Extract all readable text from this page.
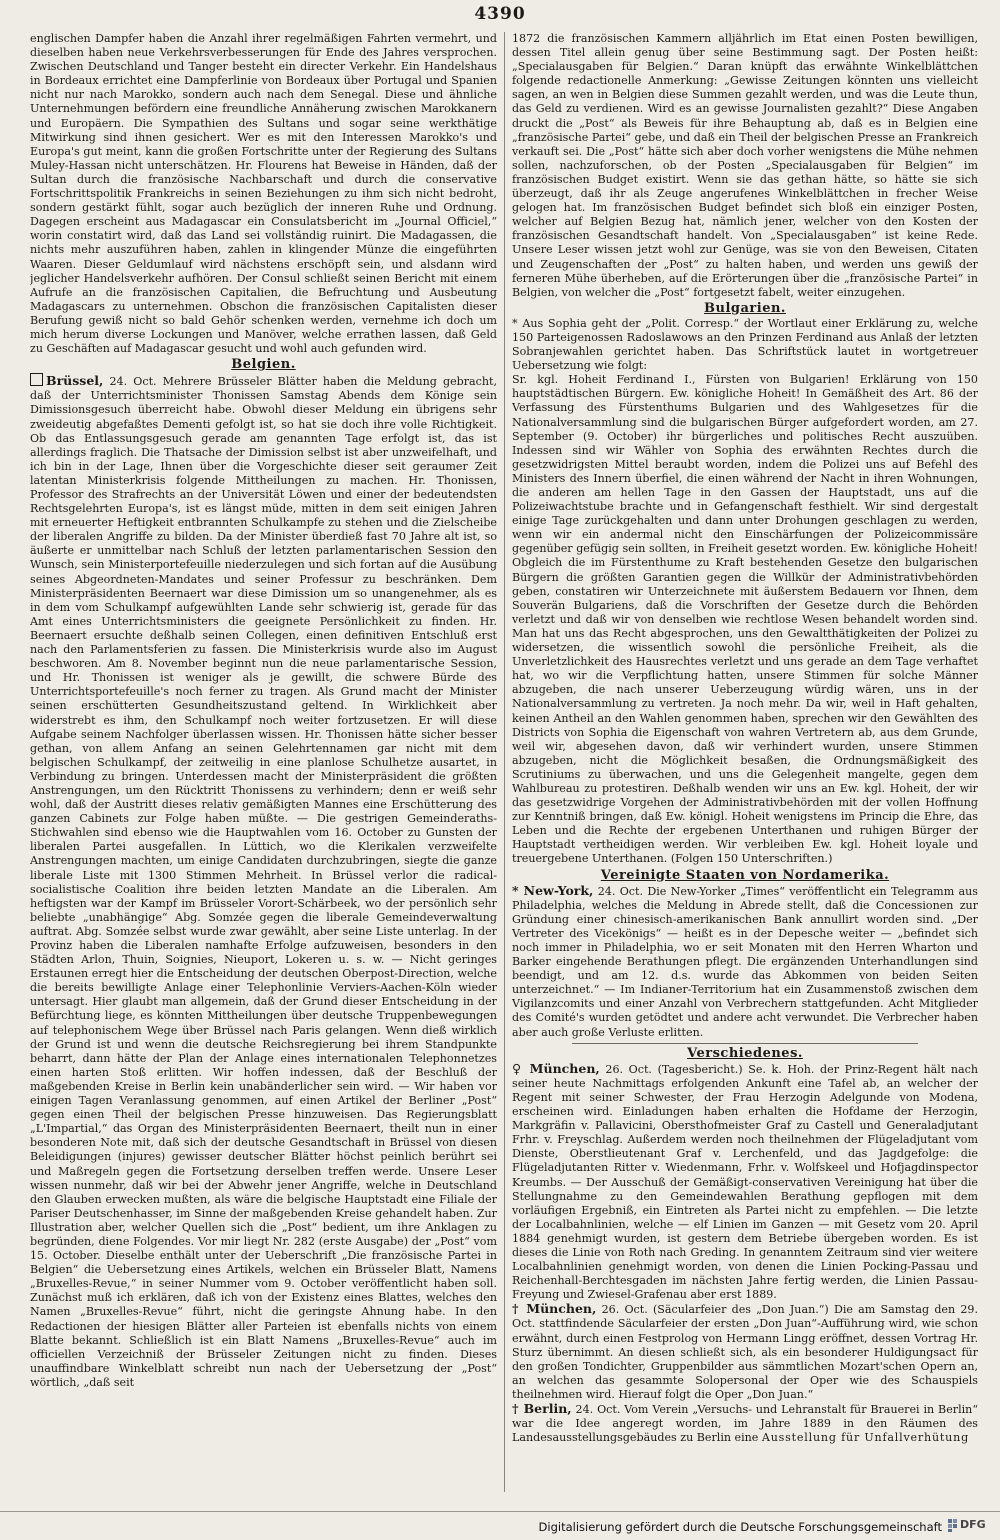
4390

englischen Dampfer haben die Anzahl ihrer regelmäßigen Fahrten vermehrt, und dieselben haben neue Verkehrsverbesserungen für Ende des Jahres versprochen. Zwischen Deutschland und Tanger besteht ein directer Verkehr. Ein Handelshaus in Bordeaux errichtet eine Dampferlinie von Bordeaux über Portugal und Spanien nicht nur nach Marokko, sondern auch nach dem Senegal. Diese und ähnliche Unternehmungen befördern eine freundliche Annäherung zwischen Marokkanern und Europäern. Die Sympathien des Sultans und sogar seine werkthätige Mitwirkung sind ihnen gesichert. Wer es mit den Interessen Marokko's und Europa's gut meint, kann die großen Fortschritte unter der Regierung des Sultans Muley-Hassan nicht unterschätzen. Hr. Flourens hat Beweise in Händen, daß der Sultan durch die französische Nachbarschaft und durch die conservative Fortschrittspolitik Frankreichs in seinen Beziehungen zu ihm sich nicht bedroht, sondern gestärkt fühlt, sogar auch bezüglich der inneren Ruhe und Ordnung. Dagegen erscheint aus Madagascar ein Consulatsbericht im „Journal Officiel,“ worin constatirt wird, daß das Land sei vollständig ruinirt. Die Madagassen, die nichts mehr auszuführen haben, zahlen in klingender Münze die eingeführten Waaren. Dieser Geldumlauf wird nächstens erschöpft sein, und alsdann wird jeglicher Handelsverkehr aufhören. Der Consul schließt seinen Bericht mit einem Aufrufe an die französischen Capitalien, die Befruchtung und Ausbeutung Madagascars zu unternehmen. Obschon die französischen Capitalisten dieser Berufung gewiß nicht so bald Gehör schenken werden, vernehme ich doch um mich herum diverse Lockungen und Manöver, welche errathen lassen, daß Geld zu Geschäften auf Madagascar gesucht und wohl auch gefunden wird.

Belgien.

Brüssel, 24. Oct. Mehrere Brüsseler Blätter haben die Meldung gebracht, daß der Unterrichtsminister Thonissen Samstag Abends dem Könige sein Dimissionsgesuch überreicht habe. Obwohl dieser Meldung ein übrigens sehr zweideutig abgefaßtes Dementi gefolgt ist, so hat sie doch ihre volle Richtigkeit. Ob das Entlassungsgesuch gerade am genannten Tage erfolgt ist, das ist allerdings fraglich. Die Thatsache der Dimission selbst ist aber unzweifelhaft, und ich bin in der Lage, Ihnen über die Vorgeschichte dieser seit geraumer Zeit latentan Ministerkrisis folgende Mittheilungen zu machen. Hr. Thonissen, Professor des Strafrechts an der Universität Löwen und einer der bedeutendsten Rechtsgelehrten Europa's, ist es längst müde, mitten in dem seit einigen Jahren mit erneuerter Heftigkeit entbrannten Schulkampfe zu stehen und die Zielscheibe der liberalen Angriffe zu bilden. Da der Minister überdieß fast 70 Jahre alt ist, so äußerte er unmittelbar nach Schluß der letzten parlamentarischen Session den Wunsch, sein Ministerportefeuille niederzulegen und sich fortan auf die Ausübung seines Abgeordneten-Mandates und seiner Professur zu beschränken. Dem Ministerpräsidenten Beernaert war diese Dimission um so unangenehmer, als es in dem vom Schulkampf aufgewühlten Lande sehr schwierig ist, gerade für das Amt eines Unterrichtsministers die geeignete Persönlichkeit zu finden. Hr. Beernaert ersuchte deßhalb seinen Collegen, einen definitiven Entschluß erst nach den Parlamentsferien zu fassen. Die Ministerkrisis wurde also im August beschworen. Am 8. November beginnt nun die neue parlamentarische Session, und Hr. Thonissen ist weniger als je gewillt, die schwere Bürde des Unterrichtsportefeuille's noch ferner zu tragen. Als Grund macht der Minister seinen erschütterten Gesundheitszustand geltend. In Wirklichkeit aber widerstrebt es ihm, den Schulkampf noch weiter fortzusetzen. Er will diese Aufgabe seinem Nachfolger überlassen wissen. Hr. Thonissen hätte sicher besser gethan, von allem Anfang an seinen Gelehrtennamen gar nicht mit dem belgischen Schulkampf, der zeitweilig in eine planlose Schulhetze ausartet, in Verbindung zu bringen. Unterdessen macht der Ministerpräsident die größten Anstrengungen, um den Rücktritt Thonissens zu verhindern; denn er weiß sehr wohl, daß der Austritt dieses relativ gemäßigten Mannes eine Erschütterung des ganzen Cabinets zur Folge haben müßte. — Die gestrigen Gemeinderaths-Stichwahlen sind ebenso wie die Hauptwahlen vom 16. October zu Gunsten der liberalen Partei ausgefallen. In Lüttich, wo die Klerikalen verzweifelte Anstrengungen machten, um einige Candidaten durchzubringen, siegte die ganze liberale Liste mit 1300 Stimmen Mehrheit. In Brüssel verlor die radical-socialistische Coalition ihre beiden letzten Mandate an die Liberalen. Am heftigsten war der Kampf im Brüsseler Vorort-Schärbeek, wo der persönlich sehr beliebte „unabhängige“ Abg. Somzée gegen die liberale Gemeindeverwaltung auftrat. Abg. Somzée selbst wurde zwar gewählt, aber seine Liste unterlag. In der Provinz haben die Liberalen namhafte Erfolge aufzuweisen, besonders in den Städten Arlon, Thuin, Soignies, Nieuport, Lokeren u. s. w. — Nicht geringes Erstaunen erregt hier die Entscheidung der deutschen Oberpost-Direction, welche die bereits bewilligte Anlage einer Telephonlinie Verviers-Aachen-Köln wieder untersagt. Hier glaubt man allgemein, daß der Grund dieser Entscheidung in der Befürchtung liege, es könnten Mittheilungen über deutsche Truppenbewegungen auf telephonischem Wege über Brüssel nach Paris gelangen. Wenn dieß wirklich der Grund ist und wenn die deutsche Reichsregierung bei ihrem Standpunkte beharrt, dann hätte der Plan der Anlage eines internationalen Telephonnetzes einen harten Stoß erlitten. Wir hoffen indessen, daß der Beschluß der maßgebenden Kreise in Berlin kein unabänderlicher sein wird. — Wir haben vor einigen Tagen Veranlassung genommen, auf einen Artikel der Berliner „Post“ gegen einen Theil der belgischen Presse hinzuweisen. Das Regierungsblatt „L'Impartial,“ das Organ des Ministerpräsidenten Beernaert, theilt nun in einer besonderen Note mit, daß sich der deutsche Gesandtschaft in Brüssel von diesen Beleidigungen (injures) gewisser deutscher Blätter höchst peinlich berührt sei und Maßregeln gegen die Fortsetzung derselben treffen werde. Unsere Leser wissen nunmehr, daß wir bei der Abwehr jener Angriffe, welche in Deutschland den Glauben erwecken mußten, als wäre die belgische Hauptstadt eine Filiale der Pariser Deutschenhasser, im Sinne der maßgebenden Kreise gehandelt haben. Zur Illustration aber, welcher Quellen sich die „Post“ bedient, um ihre Anklagen zu begründen, diene Folgendes. Vor mir liegt Nr. 282 (erste Ausgabe) der „Post“ vom 15. October. Dieselbe enthält unter der Ueberschrift „Die französische Partei in Belgien“ die Uebersetzung eines Artikels, welchen ein Brüsseler Blatt, Namens „Bruxelles-Revue,“ in seiner Nummer vom 9. October veröffentlicht haben soll. Zunächst muß ich erklären, daß ich von der Existenz eines Blattes, welches den Namen „Bruxelles-Revue“ führt, nicht die geringste Ahnung habe. In den Redactionen der hiesigen Blätter aller Parteien ist ebenfalls nichts von einem Blatte bekannt. Schließlich ist ein Blatt Namens „Bruxelles-Revue“ auch im officiellen Verzeichniß der Brüsseler Zeitungen nicht zu finden. Dieses unauffindbare Winkelblatt schreibt nun nach der Uebersetzung der „Post“ wörtlich, „daß seit

1872 die französischen Kammern alljährlich im Etat einen Posten bewilligen, dessen Titel allein genug über seine Bestimmung sagt. Der Posten heißt: „Specialausgaben für Belgien.“ Daran knüpft das erwähnte Winkelblättchen folgende redactionelle Anmerkung: „Gewisse Zeitungen könnten uns vielleicht sagen, an wen in Belgien diese Summen gezahlt werden, und was die Leute thun, das Geld zu verdienen. Wird es an gewisse Journalisten gezahlt?“ Diese Angaben druckt die „Post“ als Beweis für ihre Behauptung ab, daß es in Belgien eine „französische Partei“ gebe, und daß ein Theil der belgischen Presse an Frankreich verkauft sei. Die „Post“ hätte sich aber doch vorher wenigstens die Mühe nehmen sollen, nachzuforschen, ob der Posten „Specialausgaben für Belgien“ im französischen Budget existirt. Wenn sie das gethan hätte, so hätte sie sich überzeugt, daß ihr als Zeuge angerufenes Winkelblättchen in frecher Weise gelogen hat. Im französischen Budget befindet sich bloß ein einziger Posten, welcher auf Belgien Bezug hat, nämlich jener, welcher von den Kosten der französischen Gesandtschaft handelt. Von „Specialausgaben“ ist keine Rede. Unsere Leser wissen jetzt wohl zur Genüge, was sie von den Beweisen, Citaten und Zeugenschaften der „Post“ zu halten haben, und werden uns gewiß der ferneren Mühe überheben, auf die Erörterungen über die „französische Partei“ in Belgien, von welcher die „Post“ fortgesetzt fabelt, weiter einzugehen.

Bulgarien.

* Aus Sophia geht der „Polit. Corresp.“ der Wortlaut einer Erklärung zu, welche 150 Parteigenossen Radoslawows an den Prinzen Ferdinand aus Anlaß der letzten Sobranjewahlen gerichtet haben. Das Schriftstück lautet in wortgetreuer Uebersetzung wie folgt:

Sr. kgl. Hoheit Ferdinand I., Fürsten von Bulgarien! Erklärung von 150 hauptstädtischen Bürgern. Ew. königliche Hoheit! In Gemäßheit des Art. 86 der Verfassung des Fürstenthums Bulgarien und des Wahlgesetzes für die Nationalversammlung sind die bulgarischen Bürger aufgefordert worden, am 27. September (9. October) ihr bürgerliches und politisches Recht auszuüben. Indessen sind wir Wähler von Sophia des erwähnten Rechtes durch die gesetzwidrigsten Mittel beraubt worden, indem die Polizei uns auf Befehl des Ministers des Innern überfiel, die einen während der Nacht in ihren Wohnungen, die anderen am hellen Tage in den Gassen der Hauptstadt, uns auf die Polizeiwachtstube brachte und in Gefangenschaft festhielt. Wir sind dergestalt einige Tage zurückgehalten und dann unter Drohungen geschlagen zu werden, wenn wir ein andermal nicht den Einschärfungen der Polizeicommissäre gegenüber gefügig sein sollten, in Freiheit gesetzt worden. Ew. königliche Hoheit! Obgleich die im Fürstenthume zu Kraft bestehenden Gesetze den bulgarischen Bürgern die größten Garantien gegen die Willkür der Administrativbehörden geben, constatiren wir Unterzeichnete mit äußerstem Bedauern vor Ihnen, dem Souverän Bulgariens, daß die Vorschriften der Gesetze durch die Behörden verletzt und daß wir von denselben wie rechtlose Wesen behandelt worden sind. Man hat uns das Recht abgesprochen, uns den Gewaltthätigkeiten der Polizei zu widersetzen, die wissentlich sowohl die persönliche Freiheit, als die Unverletzlichkeit des Hausrechtes verletzt und uns gerade an dem Tage verhaftet hat, wo wir die Verpflichtung hatten, unsere Stimmen für solche Männer abzugeben, die nach unserer Ueberzeugung würdig wären, uns in der Nationalversammlung zu vertreten. Ja noch mehr. Da wir, weil in Haft gehalten, keinen Antheil an den Wahlen genommen haben, sprechen wir den Gewählten des Districts von Sophia die Eigenschaft von wahren Vertretern ab, aus dem Grunde, weil wir, abgesehen davon, daß wir verhindert wurden, unsere Stimmen abzugeben, nicht die Möglichkeit besaßen, die Ordnungsmäßigkeit des Scrutiniums zu überwachen, und uns die Gelegenheit mangelte, gegen dem Wahlbureau zu protestiren. Deßhalb wenden wir uns an Ew. kgl. Hoheit, der wir das gesetzwidrige Vorgehen der Administrativbehörden mit der vollen Hoffnung zur Kenntniß bringen, daß Ew. königl. Hoheit wenigstens im Princip die Ehre, das Leben und die Rechte der ergebenen Unterthanen und ruhigen Bürger der Hauptstadt vertheidigen werden. Wir verbleiben Ew. kgl. Hoheit loyale und treuergebene Unterthanen. (Folgen 150 Unterschriften.)

Vereinigte Staaten von Nordamerika.

* New-York, 24. Oct. Die New-Yorker „Times“ veröffentlicht ein Telegramm aus Philadelphia, welches die Meldung in Abrede stellt, daß die Concessionen zur Gründung einer chinesisch-amerikanischen Bank annullirt worden sind. „Der Vertreter des Vicekönigs“ — heißt es in der Depesche weiter — „befindet sich noch immer in Philadelphia, wo er seit Monaten mit den Herren Wharton und Barker eingehende Berathungen pflegt. Die ergänzenden Unterhandlungen sind beendigt, und am 12. d.s. wurde das Abkommen von beiden Seiten unterzeichnet.“ — Im Indianer-Territorium hat ein Zusammenstoß zwischen dem Vigilanzcomits und einer Anzahl von Verbrechern stattgefunden. Acht Mitglieder des Comité's wurden getödtet und andere acht verwundet. Die Verbrecher haben aber auch große Verluste erlitten.

Verschiedenes.

♀ München, 26. Oct. (Tagesbericht.) Se. k. Hoh. der Prinz-Regent hält nach seiner heute Nachmittags erfolgenden Ankunft eine Tafel ab, an welcher der Regent mit seiner Schwester, der Frau Herzogin Adelgunde von Modena, erscheinen wird. Einladungen haben erhalten die Hofdame der Herzogin, Markgräfin v. Pallavicini, Obersthofmeister Graf zu Castell und Generaladjutant Frhr. v. Freyschlag. Außerdem werden noch theilnehmen der Flügeladjutant vom Dienste, Oberstlieutenant Graf v. Lerchenfeld, und das Jagdgefolge: die Flügeladjutanten Ritter v. Wiedenmann, Frhr. v. Wolfskeel und Hofjagdinspector Kreumbs. — Der Ausschuß der Gemäßigt-conservativen Vereinigung hat über die Stellungnahme zu den Gemeindewahlen Berathung gepflogen mit dem vorläufigen Ergebniß, ein Eintreten als Partei nicht zu empfehlen. — Die letzte der Localbahnlinien, welche — elf Linien im Ganzen — mit Gesetz vom 20. April 1884 genehmigt wurden, ist gestern dem Betriebe übergeben worden. Es ist dieses die Linie von Roth nach Greding. In genanntem Zeitraum sind vier weitere Localbahnlinien genehmigt worden, von denen die Linien Pocking-Passau und Reichenhall-Berchtesgaden im nächsten Jahre fertig werden, die Linien Passau-Freyung und Zwiesel-Grafenau aber erst 1889.

† München, 26. Oct. (Säcularfeier des „Don Juan.“) Die am Samstag den 29. Oct. stattfindende Säcularfeier der ersten „Don Juan“-Aufführung wird, wie schon erwähnt, durch einen Festprolog von Hermann Lingg eröffnet, dessen Vortrag Hr. Sturz übernimmt. An diesen schließt sich, als ein besonderer Huldigungsact für den großen Tondichter, Gruppenbilder aus sämmtlichen Mozart'schen Opern an, an welchen das gesammte Solopersonal der Oper wie des Schauspiels theilnehmen wird. Hierauf folgt die Oper „Don Juan.“

† Berlin, 24. Oct. Vom Verein „Versuchs- und Lehranstalt für Brauerei in Berlin“ war die Idee angeregt worden, im Jahre 1889 in den Räumen des Landesausstellungsgebäudes zu Berlin eine Ausstellung für Unfallverhütung

Digitalisierung gefördert durch die Deutsche Forschungsgemeinschaft DFG
